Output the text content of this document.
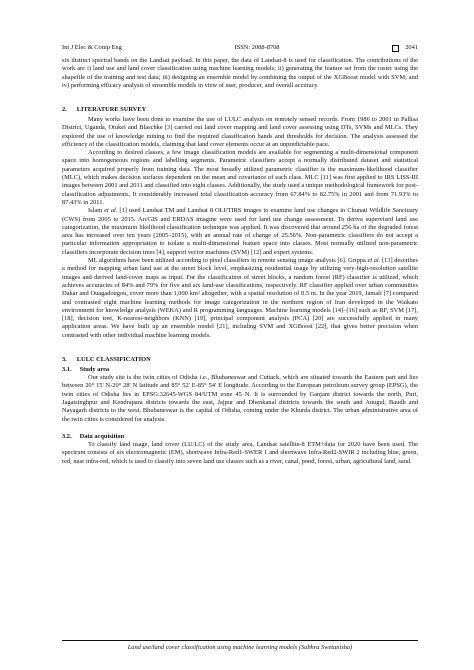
Int J Elec & Comp Eng	ISSN: 2088-8708	2041

six distinct spectral bands on the Landsat payload. In this paper, the data of Landsat-8 is used for classification. The contributions of the work are i) land use and land cover classification using machine learning models; ii) generating the feature set from the raster using the shapefile of the training and test data; iii) designing an ensemble model by combining the output of the XGBoost model with SVM; and iv) performing efficacy analysis of ensemble models in view of user, producer, and overall accuracy.

2. LITERATURE SURVEY

Many works have been done to examine the use of LULC analysis on remotely sensed records. From 1986 to 2001 in Pallisa District, Uganda, Otukei and Blaschke [3] carried out land cover mapping and land cover assessing using DTs, SVMs and MLCs. They explored the use of knowledge mining to find the required classification bands and thresholds for decision. The analysis assessed the efficiency of the classification models, claiming that land cover elements occur at an unpredictable pace.

According to desired classes, a few image classification models are available for segmenting a multi-dimensional component space into homogeneous regions and labelling segments. Parametric classifiers accept a normally distributed dataset and statistical parameters acquired properly from training data. The most broadly utilized parametric classifier is the maximum-likelihood classifier (MLC), which makes decision surfaces dependent on the mean and covariance of each class. MLC [11] was first applied to IRS LISS-III images between 2001 and 2011 and classified into eight classes. Additionally, the study used a unique methodological framework for post-classification adjustments. It considerably increased total classification accuracy from 67.84% to 82.75% in 2001 and from 71.93% to 87.43% in 2011.

Islam et al. [1] used Landsat TM and Landsat 8 OLI/TIRS images to examine land use changes in Chunati Wildlife Sanctuary (CWS) from 2005 to 2015. ArcGIS and ERDAS imagine were used for land use change assessment. To derive supervised land use categorization, the maximum likelihood classification technique was applied. It was discovered that around 256 ha of the degraded forest area has increased over ten years (2005–2015), with an annual rate of change of 25.56%. Non-parametric classifiers do not accept a particular information appropriation to isolate a multi-dimensional feature space into classes. Most normally utilized non-parametric classifiers incorporate decision trees [4], support vector machines (SVM) [12] and expert systems.

ML algorithms have been utilized according to pixel classifiers in remote sensing image analysis [6]. Grippa et al. [13] describes a method for mapping urban land use at the street block level, emphasizing residential usage by utilizing very-high-resolution satellite images and derived land-cover maps as input. For the classification of street blocks, a random forest (RF) classifier is utilized, which achieves accuracies of 84% and 79% for five and six land-use classifications, respectively. RF classifier applied over urban communities Dakar and Ouagadougou, cover more than 1,000 km² altogether, with a spatial resolution of 0.5 m. In the year 2019, Jamali [7] compared and contrasted eight machine learning methods for image categorization in the northern region of Iran developed in the Waikato environment for knowledge analysis (WEKA) and R programming languages. Machine learning models [14]–[16] such as RF, SVM [17], [18], decision tree, K-nearest-neighbors (KNN) [19], principal component analysis (PCA) [20] are successfully applied in many application areas. We have built up an ensemble model [21], including SVM and XGBoost [22], that gives better precision when contrasted with other individual machine learning models.

3. LULC CLASSIFICATION
3.1. Study area

Our study site is the twin cities of Odisha i.e., Bhubaneswar and Cuttack, which are situated towards the Eastern part and lies between 20° 15' N-20° 28' N latitude and 85° 52' E-85° 54' E longitude. According to the European petroleum survey group (EPSG), the twin cities of Odisha lies in EPSG:32645-WGS 84/UTM zone 45 N. It is surrounded by Ganjam district towards the north, Puri, Jagatsinghpur and Kendrapara districts towards the east, Jajpur and Dhenkanal districts towards the south and Anugul, Baudh and Nayagarh districts to the west. Bhubaneswar is the capital of Odisha, coming under the Khurda district. The urban administrative area of the twin cities is considered for analysis.

3.2. Data acquisition

To classify land usage, land cover (LU/LC) of the study area, Landsat satellite-8 ETM+data for 2020 have been used. The spectrum consists of six electromagnetic (EM), shortwave Infra-Red1-SWER 1 and shortwave Infra-Red2-SWIR 2 including blue, green, red, near infra-red, which is used to classify into seven land use classes such as a river, canal, pond, forest, urban, agricultural land, sand.

Land use/land cover classification using machine learning models (Subhra Swetanisha)
